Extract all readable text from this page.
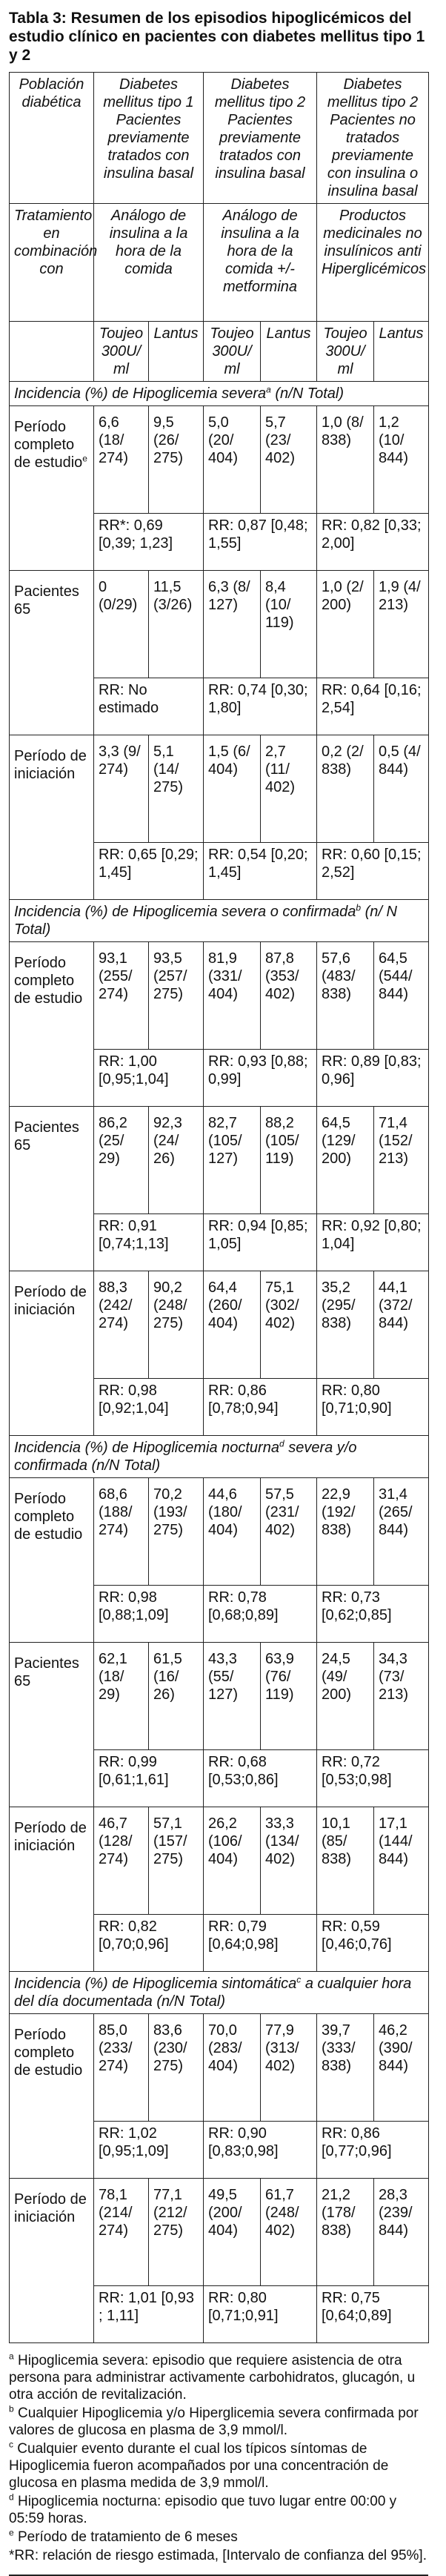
Tabla 3: Resumen de los episodios hipoglicémicos del estudio clínico en pacientes con diabetes mellitus tipo 1 y 2
Población diabética	Diabetes mellitus tipo 1 Pacientes previamente tratados con insulina basal		Diabetes mellitus tipo 2 Pacientes previamente tratados con insulina basal		Diabetes mellitus tipo 2 Pacientes no tratados previamente con insulina o insulina basal	
Tratamiento en combinación con	Análogo de insulina a la hora de la comida		Análogo de insulina a la hora de la comida +/- metformina		Productos medicinales no insulínicos anti Hiperglicémicos	
	Toujeo 300U/ ml	Lantus	Toujeo 300U/ ml	Lantus	Toujeo 300U/ ml	Lantus
Incidencia (%) de Hipoglicemia severa$^a$ (n/N Total)						
Período completo de estudio$^e$	6,6 (18/ 274)	9,5 (26/ 275)	5,0 (20/ 404)	5,7 (23/ 402)	1,0 (8/ 838)	1,2 (10/ 844)
	RR*: 0,69 [0,39; 1,23]		RR: 0,87 [0,48; 1,55]		RR: 0,82 [0,33; 2,00]	
Pacientes 65	0 (0/29)	11,5 (3/26)	6,3 (8/ 127)	8,4 (10/ 119)	1,0 (2/ 200)	1,9 (4/ 213)
	RR: No estimado		RR: 0,74 [0,30; 1,80]		RR: 0,64 [0,16; 2,54]	
Período de iniciación	3,3 (9/ 274)	5,1 (14/ 275)	1,5 (6/ 404)	2,7 (11/ 402)	0,2 (2/ 838)	0,5 (4/ 844)
	RR: 0,65 [0,29; 1,45]		RR: 0,54 [0,20; 1,45]		RR: 0,60 [0,15; 2,52]	
Incidencia (%) de Hipoglicemia severa o confirmada$^b$ (n/ N Total)						
Período completo de estudio	93,1 (255/ 274)	93,5 (257/ 275)	81,9 (331/ 404)	87,8 (353/ 402)	57,6 (483/ 838)	64,5 (544/ 844)
	RR: 1,00 [0,95;1,04]		RR: 0,93 [0,88; 0,99]		RR: 0,89 [0,83; 0,96]	
Pacientes 65	86,2 (25/ 29)	92,3 (24/ 26)	82,7 (105/ 127)	88,2 (105/ 119)	64,5 (129/ 200)	71,4 (152/ 213)
	RR: 0,91 [0,74;1,13]		RR: 0,94 [0,85; 1,05]		RR: 0,92 [0,80; 1,04]	
Período de iniciación	88,3 (242/ 274)	90,2 (248/ 275)	64,4 (260/ 404)	75,1 (302/ 402)	35,2 (295/ 838)	44,1 (372/ 844)
	RR: 0,98 [0,92;1,04]		RR: 0,86 [0,78;0,94]		RR: 0,80 [0,71;0,90]	
Incidencia (%) de Hipoglicemia nocturna$^d$ severa y/o confirmada (n/N Total)						
Período completo de estudio	68,6 (188/ 274)	70,2 (193/ 275)	44,6 (180/ 404)	57,5 (231/ 402)	22,9 (192/ 838)	31,4 (265/ 844)
	RR: 0,98 [0,88;1,09]		RR: 0,78 [0,68;0,89]		RR: 0,73 [0,62;0,85]	
Pacientes 65	62,1 (18/ 29)	61,5 (16/ 26)	43,3 (55/ 127)	63,9 (76/ 119)	24,5 (49/ 200)	34,3 (73/ 213)
	RR: 0,99 [0,61;1,61]		RR: 0,68 [0,53;0,86]		RR: 0,72 [0,53;0,98]	
Período de iniciación	46,7 (128/ 274)	57,1 (157/ 275)	26,2 (106/ 404)	33,3 (134/ 402)	10,1 (85/ 838)	17,1 (144/ 844)
	RR: 0,82 [0,70;0,96]		RR: 0,79 [0,64;0,98]		RR: 0,59 [0,46;0,76]	
Incidencia (%) de Hipoglicemia sintomática$^c$ a cualquier hora del día documentada (n/N Total)						
Período completo de estudio	85,0 (233/ 274)	83,6 (230/ 275)	70,0 (283/ 404)	77,9 (313/ 402)	39,7 (333/ 838)	46,2 (390/ 844)
	RR: 1,02 [0,95;1,09]		RR: 0,90 [0,83;0,98]		RR: 0,86 [0,77;0,96]	
Período de iniciación	78,1 (214/ 274)	77,1 (212/ 275)	49,5 (200/ 404)	61,7 (248/ 402)	21,2 (178/ 838)	28,3 (239/ 844)
	RR: 1,01 [0,93 ; 1,11]		RR: 0,80 [0,71;0,91]		RR: 0,75 [0,64;0,89]	
$^a$ Hipoglicemia severa: episodio que requiere asistencia de otra persona para administrar activamente carbohidratos, glucagón, u otra acción de revitalización.
$^b$ Cualquier Hipoglicemia y/o Hiperglicemia severa confirmada por valores de glucosa en plasma de 3,9 mmol/l.
$^c$ Cualquier evento durante el cual los típicos síntomas de Hipoglicemia fueron acompañados por una concentración de glucosa en plasma medida de 3,9 mmol/l.
$^d$ Hipoglicemia nocturna: episodio que tuvo lugar entre 00:00 y 05:59 horas.
$^e$ Período de tratamiento de 6 meses
*RR: relación de riesgo estimada, [Intervalo de confianza del 95%].
